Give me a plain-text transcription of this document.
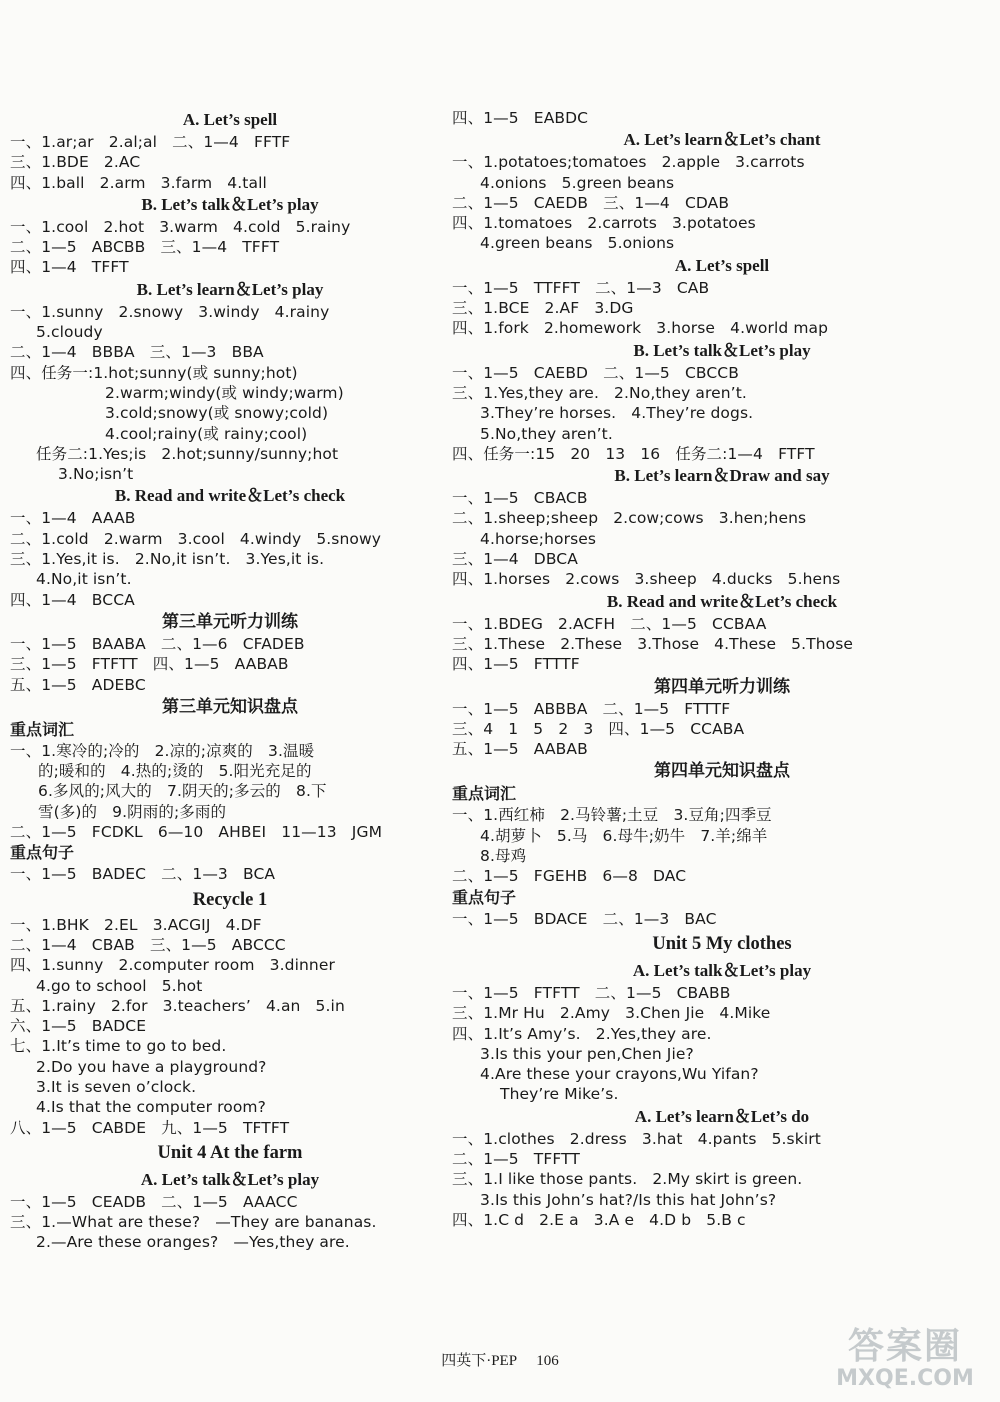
A. Let’s spell
一、1.ar;ar   2.al;al   二、1—4   FFTF
三、1.BDE   2.AC
四、1.ball   2.arm   3.farm   4.tall
B. Let’s talk＆Let’s play
一、1.cool   2.hot   3.warm   4.cold   5.rainy
二、1—5   ABCBB   三、1—4   TFFT
四、1—4   TFFT
B. Let’s learn＆Let’s play
一、1.sunny   2.snowy   3.windy   4.rainy
5.cloudy
二、1—4   BBBA   三、1—3   BBA
四、任务一:1.hot;sunny(或 sunny;hot)
2.warm;windy(或 windy;warm)
3.cold;snowy(或 snowy;cold)
4.cool;rainy(或 rainy;cool)
任务二:1.Yes;is   2.hot;sunny/sunny;hot
3.No;isn’t
B. Read and write＆Let’s check
一、1—4   AAAB
二、1.cold   2.warm   3.cool   4.windy   5.snowy
三、1.Yes,it is.   2.No,it isn’t.   3.Yes,it is.
4.No,it isn’t.
四、1—4   BCCA
第三单元听力训练
一、1—5   BAABA   二、1—6   CFADEB
三、1—5   FTFTT   四、1—5   AABAB
五、1—5   ADEBC
第三单元知识盘点
重点词汇
一、1.寒冷的;冷的   2.凉的;凉爽的   3.温暖
的;暖和的   4.热的;烫的   5.阳光充足的
6.多风的;风大的   7.阴天的;多云的   8.下
雪(多)的   9.阴雨的;多雨的
二、1—5   FCDKL   6—10   AHBEI   11—13   JGM
重点句子
一、1—5   BADEC   二、1—3   BCA
Recycle 1
一、1.BHK   2.EL   3.ACGIJ   4.DF
二、1—4   CBAB   三、1—5   ABCCC
四、1.sunny   2.computer room   3.dinner
4.go to school   5.hot
五、1.rainy   2.for   3.teachers’   4.an   5.in
六、1—5   BADCE
七、1.It’s time to go to bed.
2.Do you have a playground?
3.It is seven o’clock.
4.Is that the computer room?
八、1—5   CABDE   九、1—5   TFTFT
Unit 4 At the farm
A. Let’s talk＆Let’s play
一、1—5   CEADB   二、1—5   AAACC
三、1.—What are these?   —They are bananas.
2.—Are these oranges?   —Yes,they are.
四、1—5   EABDC
A. Let’s learn＆Let’s chant
一、1.potatoes;tomatoes   2.apple   3.carrots
4.onions   5.green beans
二、1—5   CAEDB   三、1—4   CDAB
四、1.tomatoes   2.carrots   3.potatoes
4.green beans   5.onions
A. Let’s spell
一、1—5   TTFFT   二、1—3   CAB
三、1.BCE   2.AF   3.DG
四、1.fork   2.homework   3.horse   4.world map
B. Let’s talk＆Let’s play
一、1—5   CAEBD   二、1—5   CBCCB
三、1.Yes,they are.   2.No,they aren’t.
3.They’re horses.   4.They’re dogs.
5.No,they aren’t.
四、任务一:15   20   13   16   任务二:1—4   FTFT
B. Let’s learn＆Draw and say
一、1—5   CBACB
二、1.sheep;sheep   2.cow;cows   3.hen;hens
4.horse;horses
三、1—4   DBCA
四、1.horses   2.cows   3.sheep   4.ducks   5.hens
B. Read and write＆Let’s check
一、1.BDEG   2.ACFH   二、1—5   CCBAA
三、1.These   2.These   3.Those   4.These   5.Those
四、1—5   FTTTF
第四单元听力训练
一、1—5   ABBBA   二、1—5   FTTTF
三、4   1   5   2   3   四、1—5   CCABA
五、1—5   AABAB
第四单元知识盘点
重点词汇
一、1.西红柿   2.马铃薯;土豆   3.豆角;四季豆
4.胡萝卜   5.马   6.母牛;奶牛   7.羊;绵羊
8.母鸡
二、1—5   FGEHB   6—8   DAC
重点句子
一、1—5   BDACE   二、1—3   BAC
Unit 5 My clothes
A. Let’s talk＆Let’s play
一、1—5   FTFTT   二、1—5   CBABB
三、1.Mr Hu   2.Amy   3.Chen Jie   4.Mike
四、1.It’s Amy’s.   2.Yes,they are.
3.Is this your pen,Chen Jie?
4.Are these your crayons,Wu Yifan?
They’re Mike’s.
A. Let’s learn＆Let’s do
一、1.clothes   2.dress   3.hat   4.pants   5.skirt
二、1—5   TFFTT
三、1.I like those pants.   2.My skirt is green.
3.Is this John’s hat?/Is this hat John’s?
四、1.C d   2.E a   3.A e   4.D b   5.B c
四英下·PEP 106	答案圈
MXQE.COM
